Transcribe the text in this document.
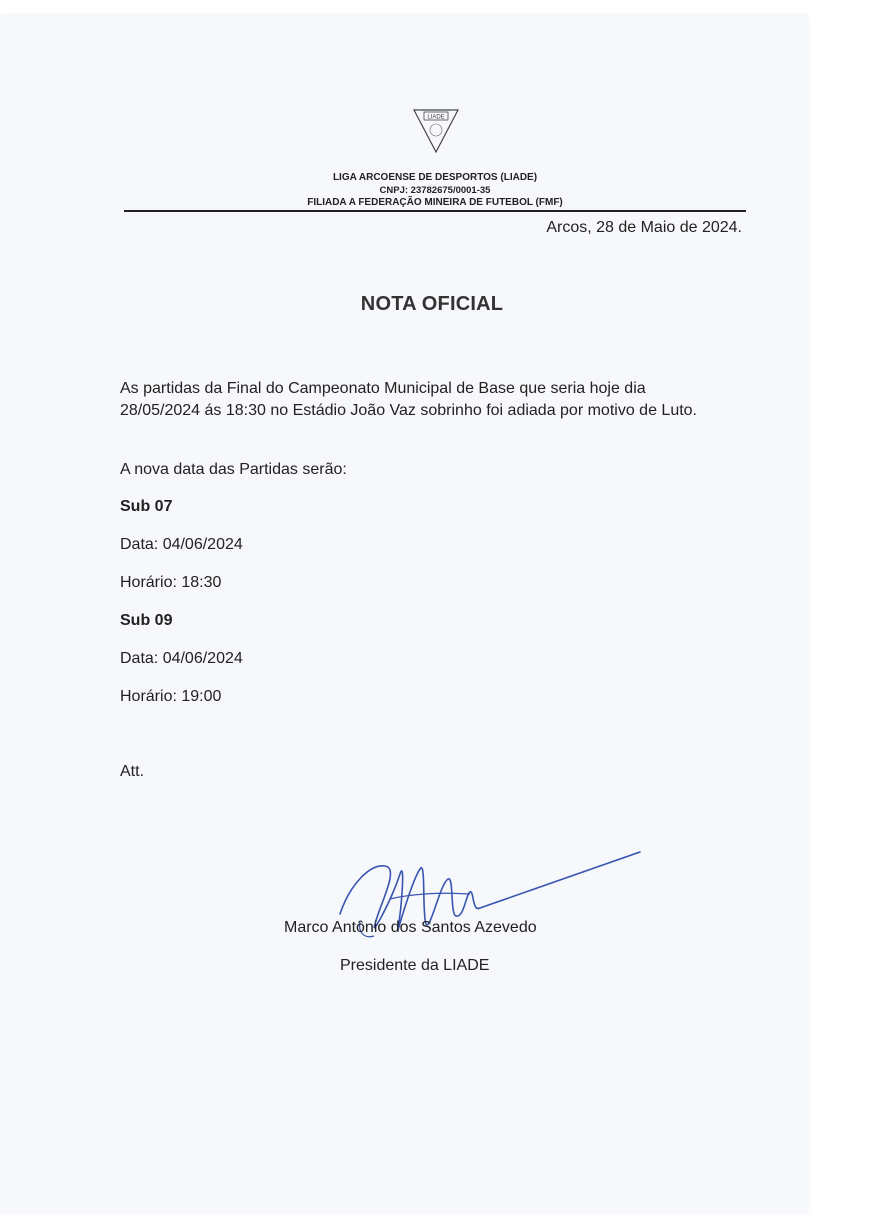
LIADE
LIGA ARCOENSE DE DESPORTOS (LIADE)
CNPJ: 23782675/0001-35
FILIADA A FEDERAÇÃO MINEIRA DE FUTEBOL (FMF)
Arcos, 28 de Maio de 2024.
NOTA OFICIAL
As partidas da Final do Campeonato Municipal de Base que seria hoje dia 28/05/2024 ás 18:30 no Estádio João Vaz sobrinho foi adiada por motivo de Luto.
A nova data das Partidas serão:
Sub 07
Data: 04/06/2024
Horário: 18:30
Sub 09
Data: 04/06/2024
Horário: 19:00
Att.
Marco Antônio dos Santos Azevedo
Presidente da LIADE
